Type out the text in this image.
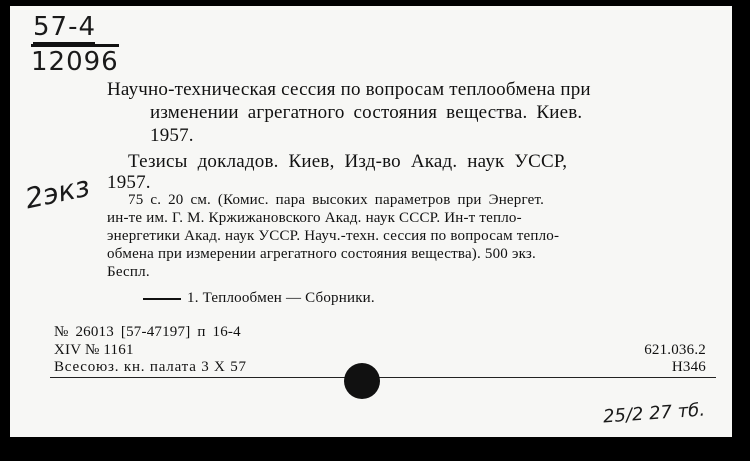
57-4
12096
2экз
Научно-техническая сессия по вопросам теплообмена при
изменении агрегатного состояния вещества. Киев.
1957.
Тезисы докладов. Киев, Изд-во Акад. наук УССР,
1957.
75 с. 20 см. (Комис. пара высоких параметров при Энергет.
ин-те им. Г. М. Кржижановского Акад. наук СССР. Ин-т тепло-
энергетики Акад. наук УССР. Науч.-техн. сессия по вопросам тепло-
обмена при измерении агрегатного состояния вещества). 500 экз.
Беспл.
1. Теплообмен — Сборники.
№ 26013 [57-47197] п 16-4
XIV № 1161	621.036.2
Всесоюз. кн. палата 3 X 57	Н346
25/2 27 тб.
